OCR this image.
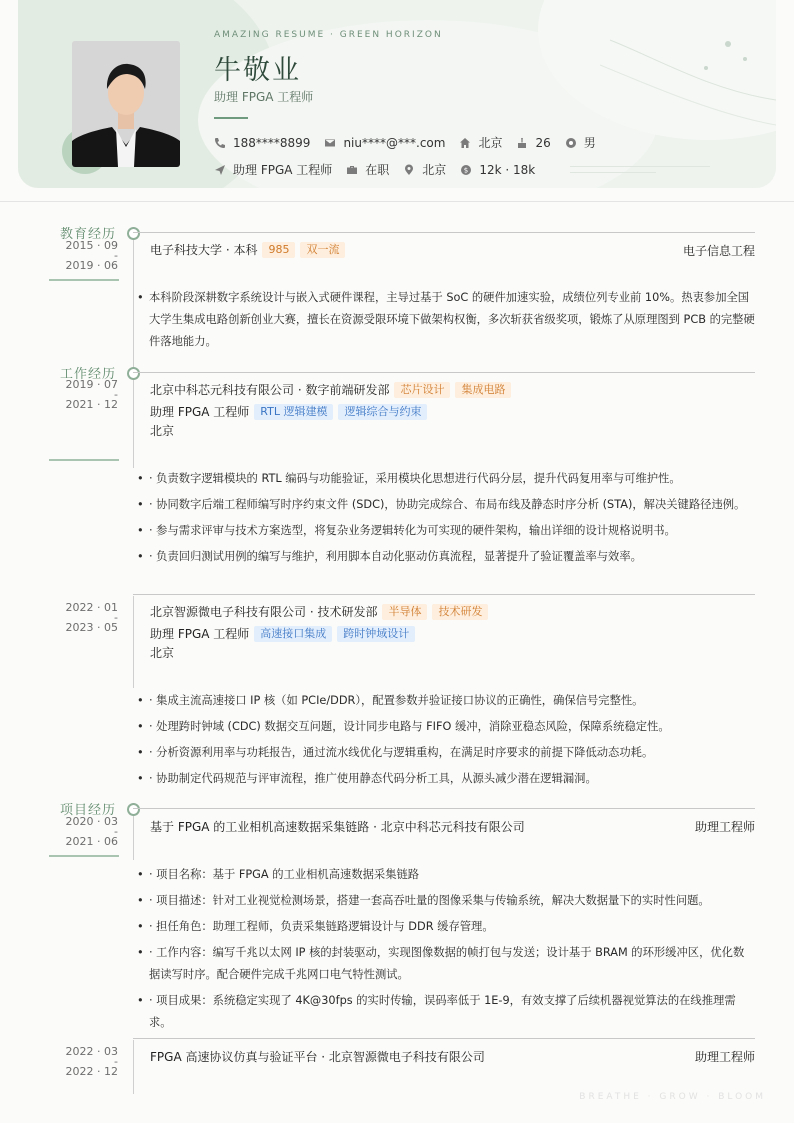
AMAZING RESUME · GREEN HORIZON
牛敬业
助理 FPGA 工程师
188****8899	niu****@***.com	北京	26	男
助理 FPGA 工程师	在职	北京	$ 12k · 18k
教育经历
2015 · 09
-
2019 · 06
电子科技大学 · 本科	985	双一流	电子信息工程
• 本科阶段深耕数字系统设计与嵌入式硬件课程，主导过基于 SoC 的硬件加速实验，成绩位列专业前 10%。热衷参加全国大学生集成电路创新创业大赛，擅长在资源受限环境下做架构权衡，多次斩获省级奖项，锻炼了从原理图到 PCB 的完整硬件落地能力。
工作经历
2019 · 07
-
2021 · 12
北京中科芯元科技有限公司 · 数字前端研发部	芯片设计	集成电路
助理 FPGA 工程师	RTL 逻辑建模	逻辑综合与约束
北京
• · 负责数字逻辑模块的 RTL 编码与功能验证，采用模块化思想进行代码分层，提升代码复用率与可维护性。
• · 协同数字后端工程师编写时序约束文件 (SDC)，协助完成综合、布局布线及静态时序分析 (STA)，解决关键路径违例。
• · 参与需求评审与技术方案选型，将复杂业务逻辑转化为可实现的硬件架构，输出详细的设计规格说明书。
• · 负责回归测试用例的编写与维护，利用脚本自动化驱动仿真流程，显著提升了验证覆盖率与效率。
2022 · 01
-
2023 · 05
北京智源微电子科技有限公司 · 技术研发部	半导体	技术研发
助理 FPGA 工程师	高速接口集成	跨时钟域设计
北京
• · 集成主流高速接口 IP 核（如 PCIe/DDR），配置参数并验证接口协议的正确性，确保信号完整性。
• · 处理跨时钟域 (CDC) 数据交互问题，设计同步电路与 FIFO 缓冲，消除亚稳态风险，保障系统稳定性。
• · 分析资源利用率与功耗报告，通过流水线优化与逻辑重构，在满足时序要求的前提下降低动态功耗。
• · 协助制定代码规范与评审流程，推广使用静态代码分析工具，从源头减少潜在逻辑漏洞。
项目经历
2020 · 03
-
2021 · 06
基于 FPGA 的工业相机高速数据采集链路 · 北京中科芯元科技有限公司	助理工程师
• · 项目名称：基于 FPGA 的工业相机高速数据采集链路
• · 项目描述：针对工业视觉检测场景，搭建一套高吞吐量的图像采集与传输系统，解决大数据量下的实时性问题。
• · 担任角色：助理工程师，负责采集链路逻辑设计与 DDR 缓存管理。
• · 工作内容：编写千兆以太网 IP 核的封装驱动，实现图像数据的帧打包与发送；设计基于 BRAM 的环形缓冲区，优化数据读写时序。配合硬件完成千兆网口电气特性测试。
• · 项目成果：系统稳定实现了 4K@30fps 的实时传输，误码率低于 1E-9，有效支撑了后续机器视觉算法的在线推理需求。
2022 · 03
-
2022 · 12
FPGA 高速协议仿真与验证平台 · 北京智源微电子科技有限公司	助理工程师
BREATHE · GROW · BLOOM
